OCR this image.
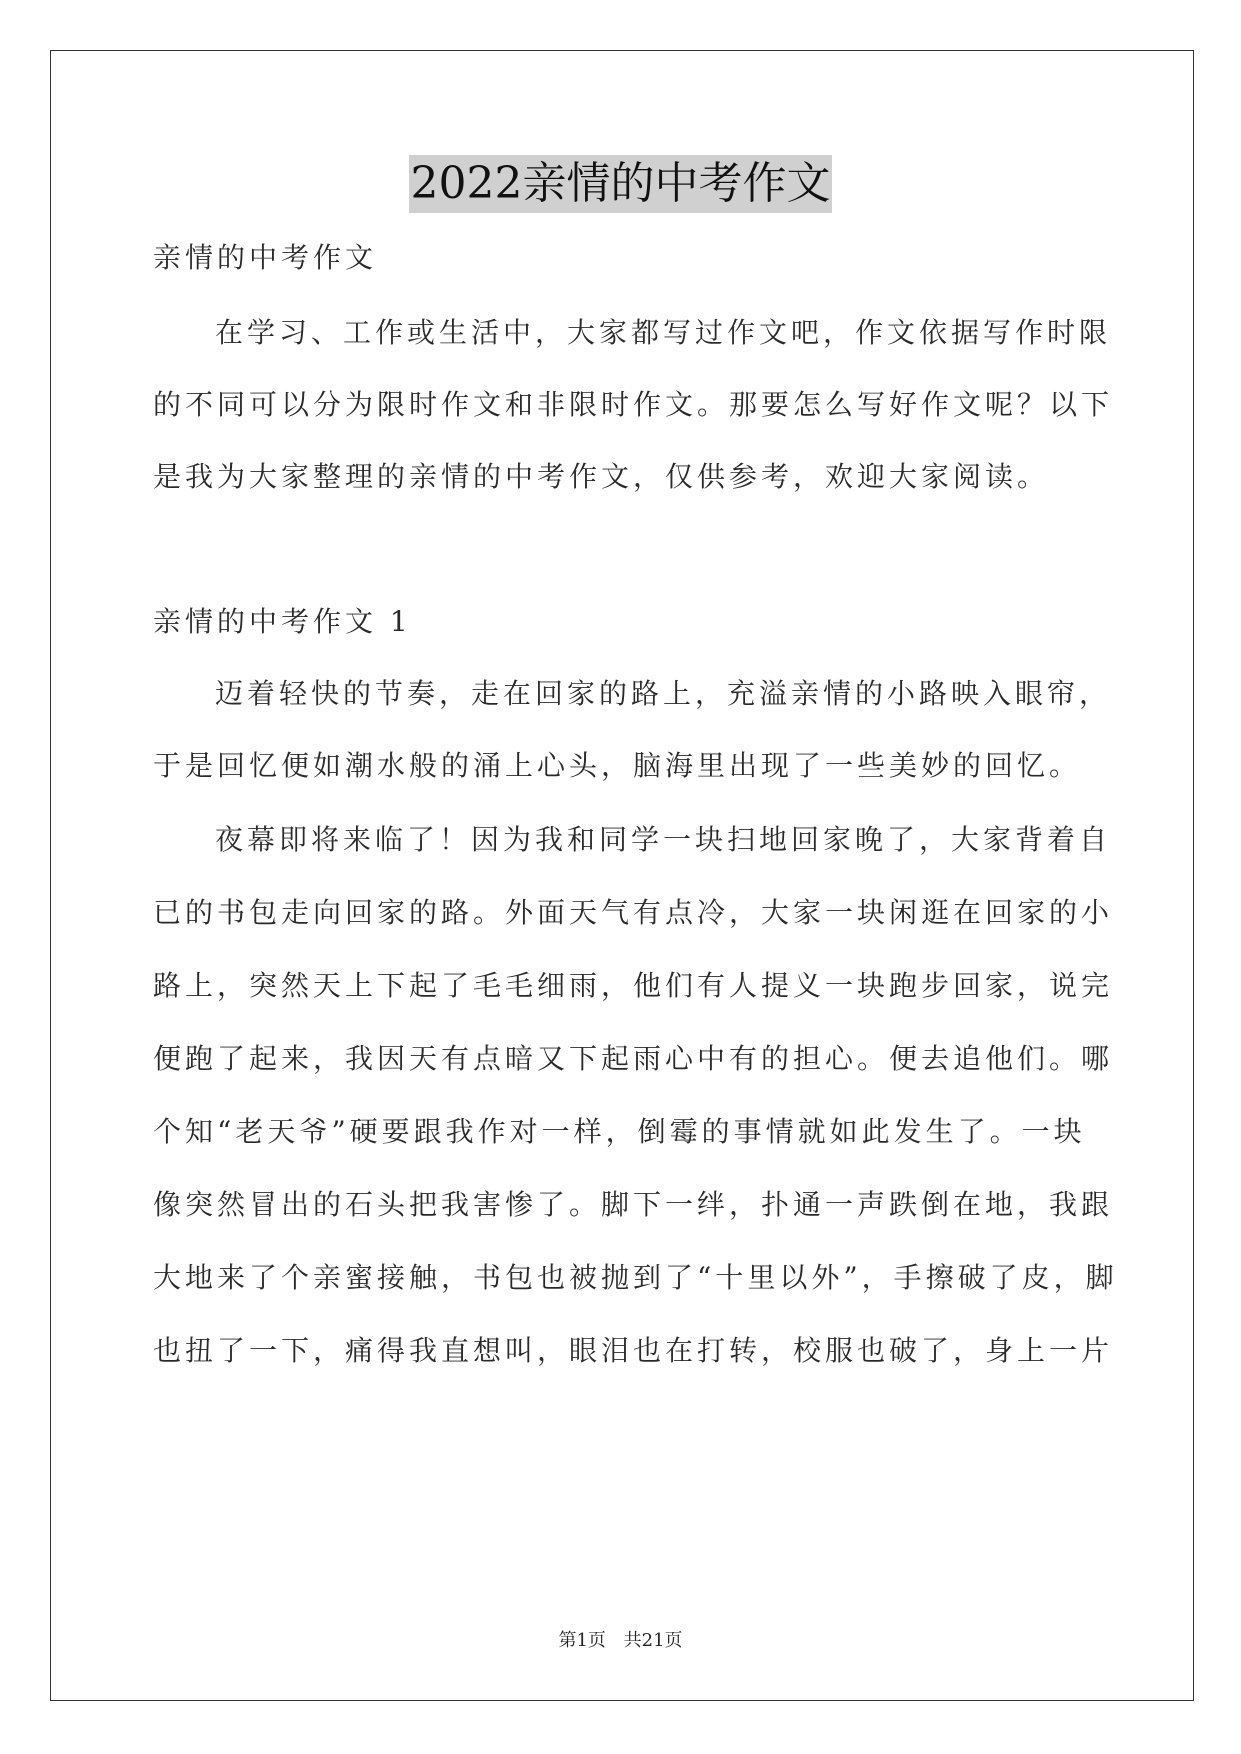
2022亲情的中考作文
亲情的中考作文
在学习、工作或生活中，大家都写过作文吧，作文依据写作时限
的不同可以分为限时作文和非限时作文。那要怎么写好作文呢？以下
是我为大家整理的亲情的中考作文，仅供参考，欢迎大家阅读。
亲情的中考作文 1
迈着轻快的节奏，走在回家的路上，充溢亲情的小路映入眼帘，
于是回忆便如潮水般的涌上心头，脑海里出现了一些美妙的回忆。
夜幕即将来临了！因为我和同学一块扫地回家晚了，大家背着自
已的书包走向回家的路。外面天气有点冷，大家一块闲逛在回家的小
路上，突然天上下起了毛毛细雨，他们有人提义一块跑步回家，说完
便跑了起来，我因天有点暗又下起雨心中有的担心。便去追他们。哪
个知“老天爷”硬要跟我作对一样，倒霉的事情就如此发生了。一块
像突然冒出的石头把我害惨了。脚下一绊，扑通一声跌倒在地，我跟
大地来了个亲蜜接触，书包也被抛到了“十里以外”，手擦破了皮，脚
也扭了一下，痛得我直想叫，眼泪也在打转，校服也破了，身上一片
第1页 共21页
